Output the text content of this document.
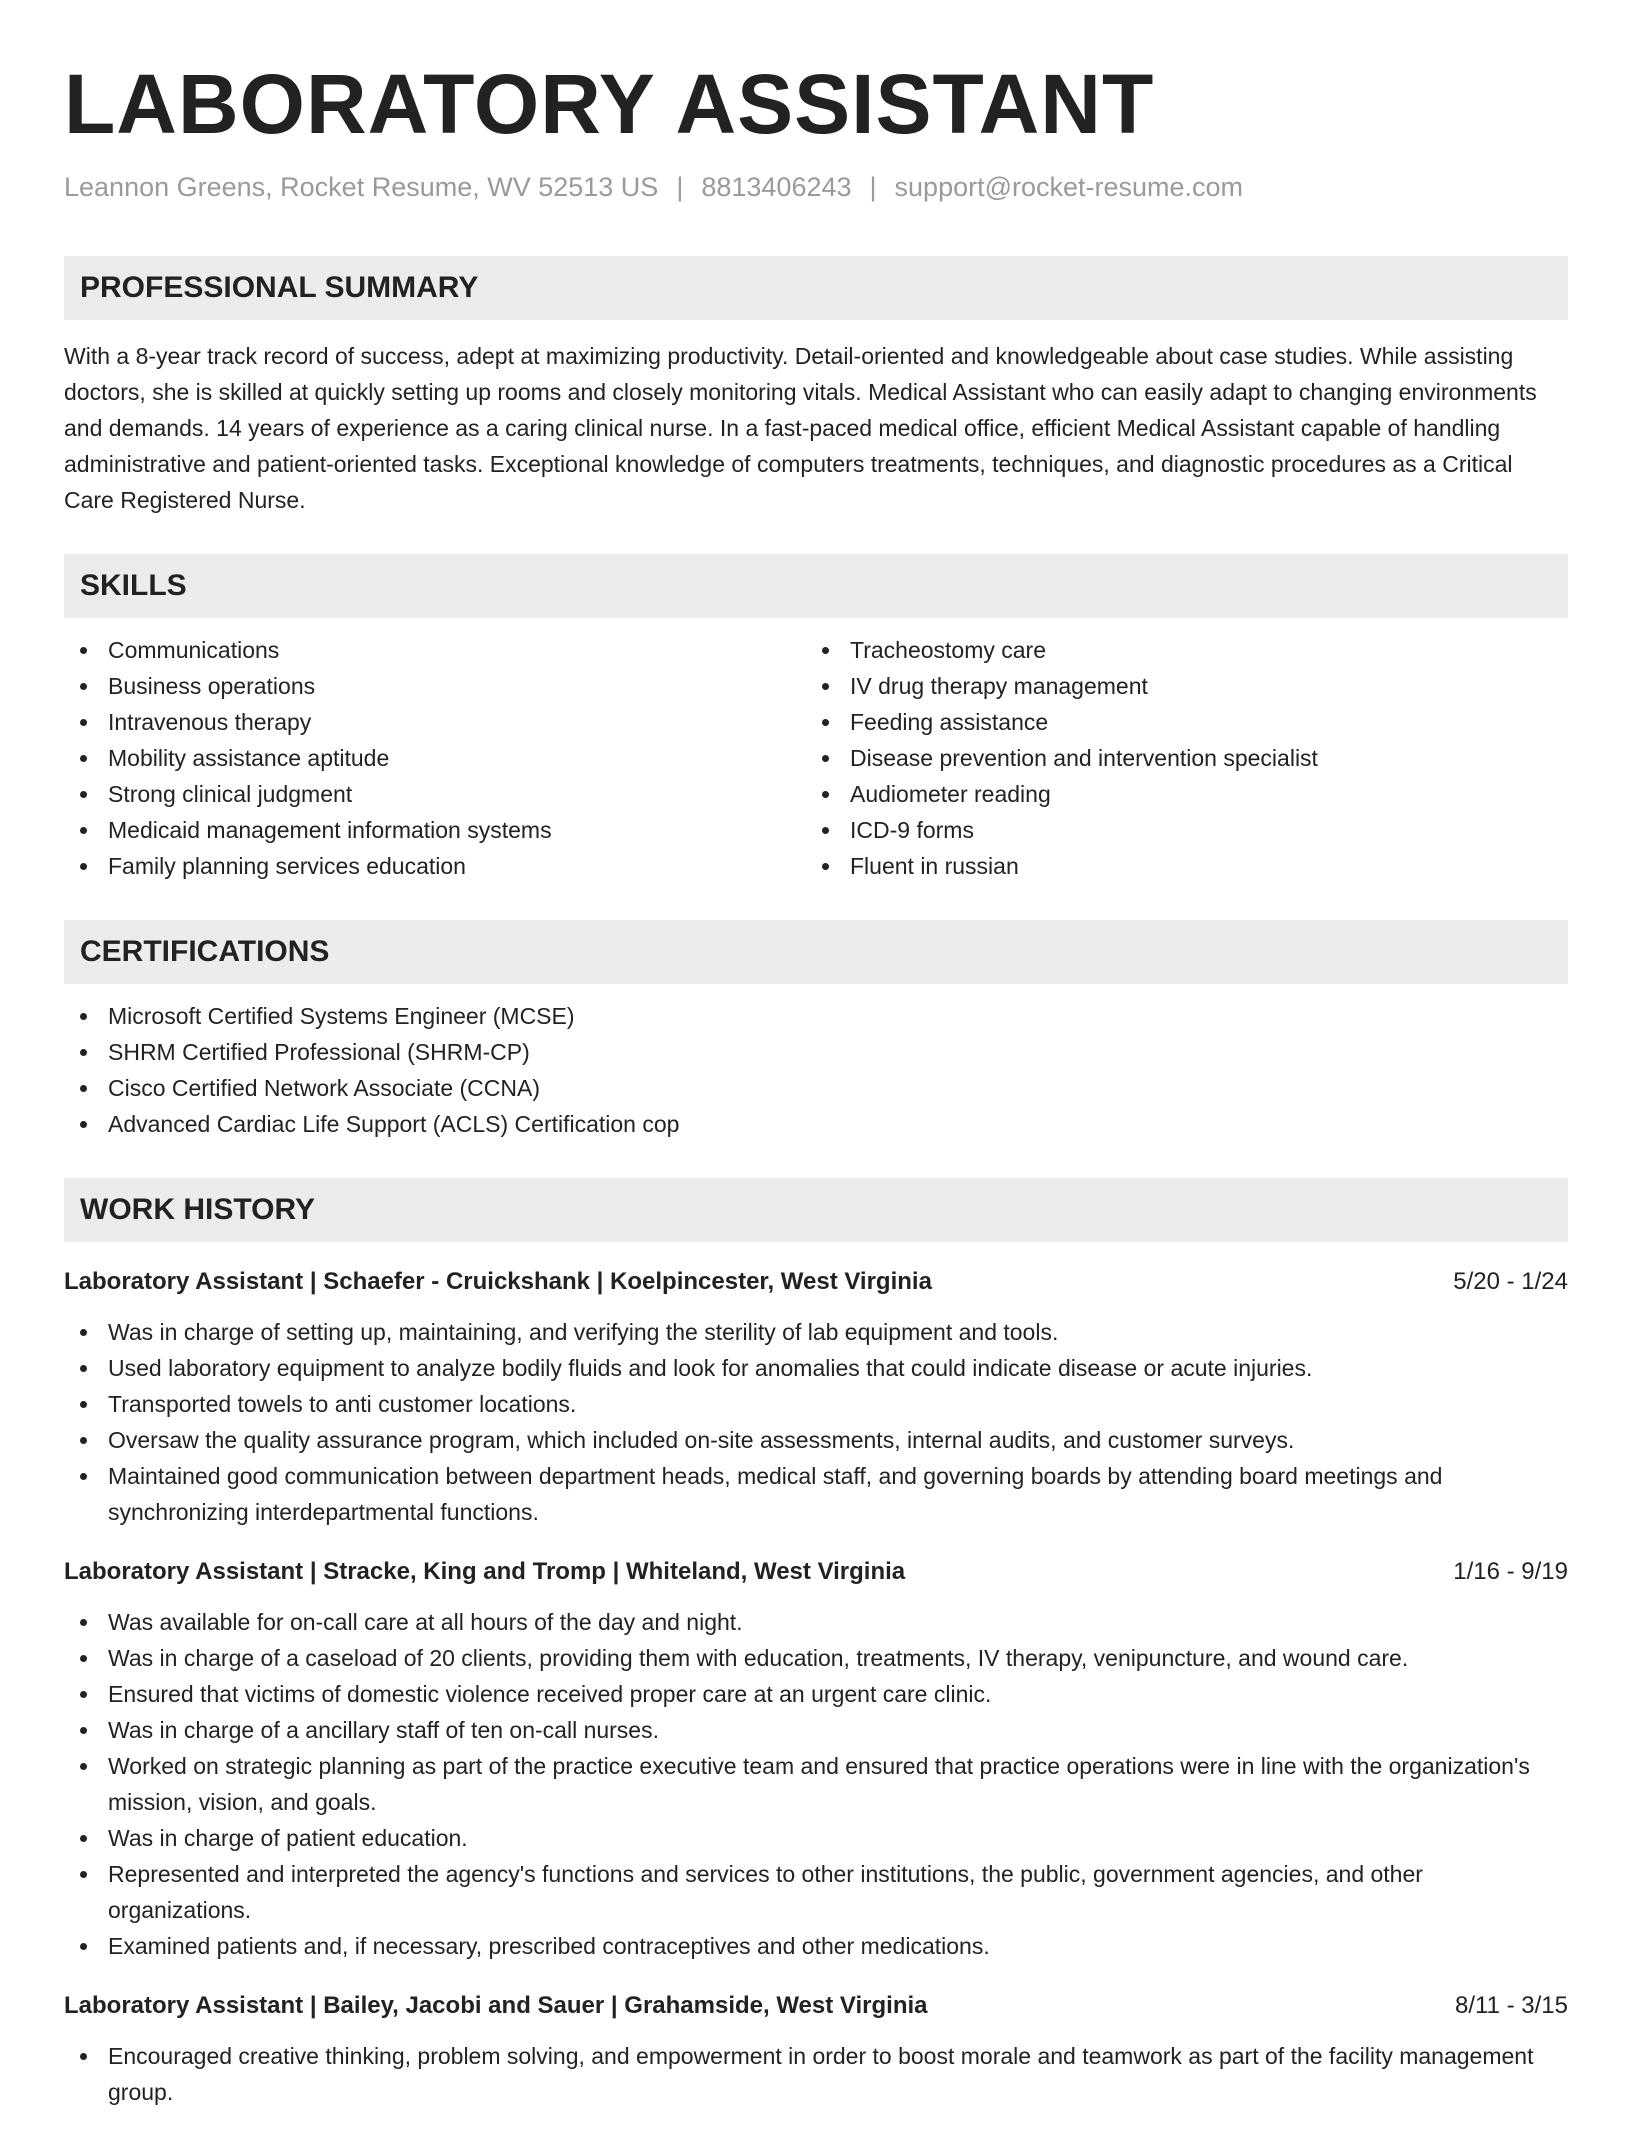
LABORATORY ASSISTANT
Leannon Greens, Rocket Resume, WV 52513 US | 8813406243 | support@rocket-resume.com
PROFESSIONAL SUMMARY

With a 8-year track record of success, adept at maximizing productivity. Detail-oriented and knowledgeable about case studies. While assisting doctors, she is skilled at quickly setting up rooms and closely monitoring vitals. Medical Assistant who can easily adapt to changing environments and demands. 14 years of experience as a caring clinical nurse. In a fast-paced medical office, efficient Medical Assistant capable of handling administrative and patient-oriented tasks. Exceptional knowledge of computers treatments, techniques, and diagnostic procedures as a Critical Care Registered Nurse.

SKILLS
Communications
Business operations
Intravenous therapy
Mobility assistance aptitude
Strong clinical judgment
Medicaid management information systems
Family planning services education
Tracheostomy care
IV drug therapy management
Feeding assistance
Disease prevention and intervention specialist
Audiometer reading
ICD-9 forms
Fluent in russian
CERTIFICATIONS
Microsoft Certified Systems Engineer (MCSE)
SHRM Certified Professional (SHRM-CP)
Cisco Certified Network Associate (CCNA)
Advanced Cardiac Life Support (ACLS) Certification cop
WORK HISTORY
Laboratory Assistant | Schaefer - Cruickshank | Koelpincester, West Virginia	5/20 - 1/24
Was in charge of setting up, maintaining, and verifying the sterility of lab equipment and tools.
Used laboratory equipment to analyze bodily fluids and look for anomalies that could indicate disease or acute injuries.
Transported towels to anti customer locations.
Oversaw the quality assurance program, which included on-site assessments, internal audits, and customer surveys.
Maintained good communication between department heads, medical staff, and governing boards by attending board meetings and synchronizing interdepartmental functions.
Laboratory Assistant | Stracke, King and Tromp | Whiteland, West Virginia	1/16 - 9/19
Was available for on-call care at all hours of the day and night.
Was in charge of a caseload of 20 clients, providing them with education, treatments, IV therapy, venipuncture, and wound care.
Ensured that victims of domestic violence received proper care at an urgent care clinic.
Was in charge of a ancillary staff of ten on-call nurses.
Worked on strategic planning as part of the practice executive team and ensured that practice operations were in line with the organization's mission, vision, and goals.
Was in charge of patient education.
Represented and interpreted the agency's functions and services to other institutions, the public, government agencies, and other organizations.
Examined patients and, if necessary, prescribed contraceptives and other medications.
Laboratory Assistant | Bailey, Jacobi and Sauer | Grahamside, West Virginia	8/11 - 3/15
Encouraged creative thinking, problem solving, and empowerment in order to boost morale and teamwork as part of the facility management group.
